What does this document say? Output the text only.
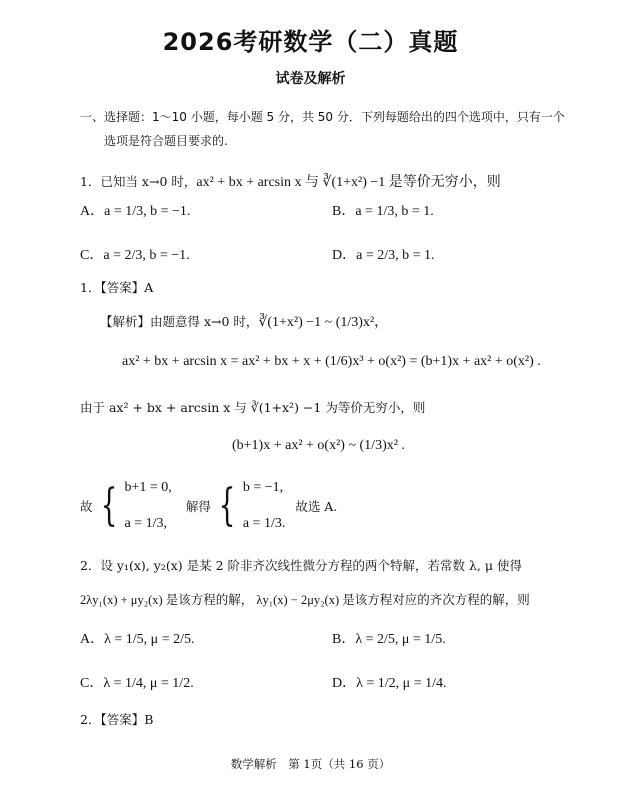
2026考研数学（二）真题
试卷及解析
一、选择题：1～10 小题，每小题 5 分，共 50 分．下列每题给出的四个选项中，只有一个
选项是符合题目要求的.
1．已知当 x→0 时，ax² + bx + arcsin x 与 ∛(1+x²) −1 是等价无穷小，则
A．a = 1/3, b = −1.	B．a = 1/3, b = 1.
C．a = 2/3, b = −1.	D．a = 2/3, b = 1.
1．【答案】A
【解析】由题意得 x→0 时，∛(1+x²) −1 ~ (1/3)x²，
ax² + bx + arcsin x = ax² + bx + x + (1/6)x³ + o(x²) = (b+1)x + ax² + o(x²) .
由于 ax² + bx + arcsin x 与 ∛(1+x²) −1 为等价无穷小，则
(b+1)x + ax² + o(x²) ~ (1/3)x² .
故 { b+1 = 0,
a = 1/3,
解得 { b = −1,
a = 1/3.
故选 A.
2．设 y₁(x), y₂(x) 是某 2 阶非齐次线性微分方程的两个特解，若常数 λ, μ 使得
2λy₁(x) + μy₂(x) 是该方程的解， λy₁(x) − 2μy₂(x) 是该方程对应的齐次方程的解，则
A．λ = 1/5, μ = 2/5.	B．λ = 2/5, μ = 1/5.
C．λ = 1/4, μ = 1/2.	D．λ = 1/2, μ = 1/4.
2．【答案】B
数学解析　第 1页（共 16 页）
